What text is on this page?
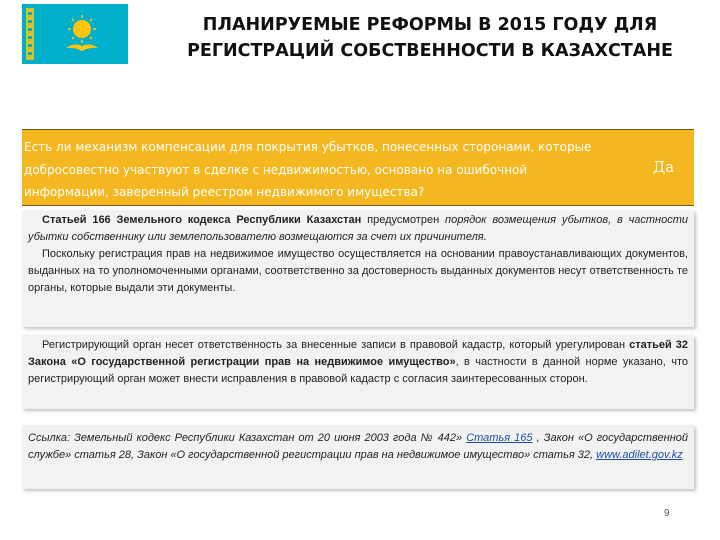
ПЛАНИРУЕМЫЕ РЕФОРМЫ В 2015 ГОДУ ДЛЯ
РЕГИСТРАЦИЙ СОБСТВЕННОСТИ В КАЗАХСТАНЕ

Есть ли механизм компенсации для покрытия убытков, понесенных сторонами, которые добросовестно участвуют в сделке с недвижимостью, основано на ошибочной информации, заверенный реестром недвижимого имущества?

Да

Статьей 166 Земельного кодекса Республики Казахстан предусмотрен порядок возмещения убытков, в частности убытки собственнику или землепользователю возмещаются за счет их причинителя.

Поскольку регистрация прав на недвижимое имущество осуществляется на основании правоустанавливающих документов, выданных на то уполномоченными органами, соответственно за достоверность выданных документов несут ответственность те органы, которые выдали эти документы.

Регистрирующий орган несет ответственность за внесенные записи в правовой кадастр, который урегулирован статьей 32 Закона «О государственной регистрации прав на недвижимое имущество», в частности в данной норме указано, что регистрирующий орган может внести исправления в правовой кадастр с согласия заинтересованных сторон.

Ссылка: Земельный кодекс Республики Казахстан от 20 июня 2003 года № 442» Статья 165 , Закон «О государственной службе» статья 28, Закон «О государственной регистрации прав на недвижимое имущество» статья 32, www.adilet.gov.kz

9
